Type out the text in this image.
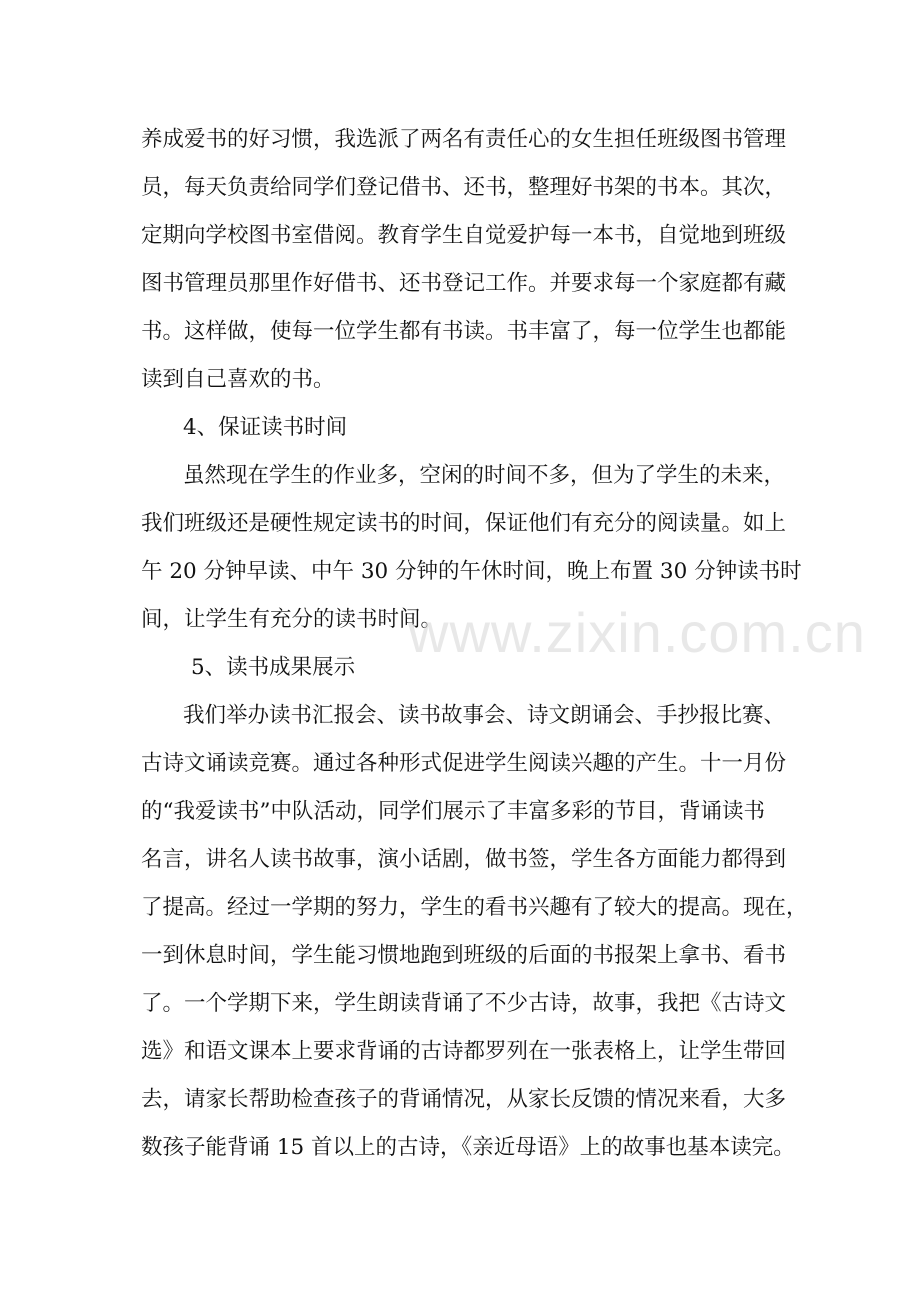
养成爱书的好习惯，我选派了两名有责任心的女生担任班级图书管理
员，每天负责给同学们登记借书、还书，整理好书架的书本。其次，
定期向学校图书室借阅。教育学生自觉爱护每一本书，自觉地到班级
图书管理员那里作好借书、还书登记工作。并要求每一个家庭都有藏
书。这样做，使每一位学生都有书读。书丰富了，每一位学生也都能
读到自己喜欢的书。
4、保证读书时间
虽然现在学生的作业多，空闲的时间不多，但为了学生的未来，
我们班级还是硬性规定读书的时间，保证他们有充分的阅读量。如上
午 20 分钟早读、中午 30 分钟的午休时间，晚上布置 30 分钟读书时
间，让学生有充分的读书时间。
5、读书成果展示
我们举办读书汇报会、读书故事会、诗文朗诵会、手抄报比赛、
古诗文诵读竞赛。通过各种形式促进学生阅读兴趣的产生。十一月份
的“我爱读书”中队活动，同学们展示了丰富多彩的节目，背诵读书
名言，讲名人读书故事，演小话剧，做书签，学生各方面能力都得到
了提高。经过一学期的努力，学生的看书兴趣有了较大的提高。现在，
一到休息时间，学生能习惯地跑到班级的后面的书报架上拿书、看书
了。一个学期下来，学生朗读背诵了不少古诗，故事，我把《古诗文
选》和语文课本上要求背诵的古诗都罗列在一张表格上，让学生带回
去，请家长帮助检查孩子的背诵情况，从家长反馈的情况来看，大多
数孩子能背诵 15 首以上的古诗，《亲近母语》上的故事也基本读完。
www.zixin.com.cn
